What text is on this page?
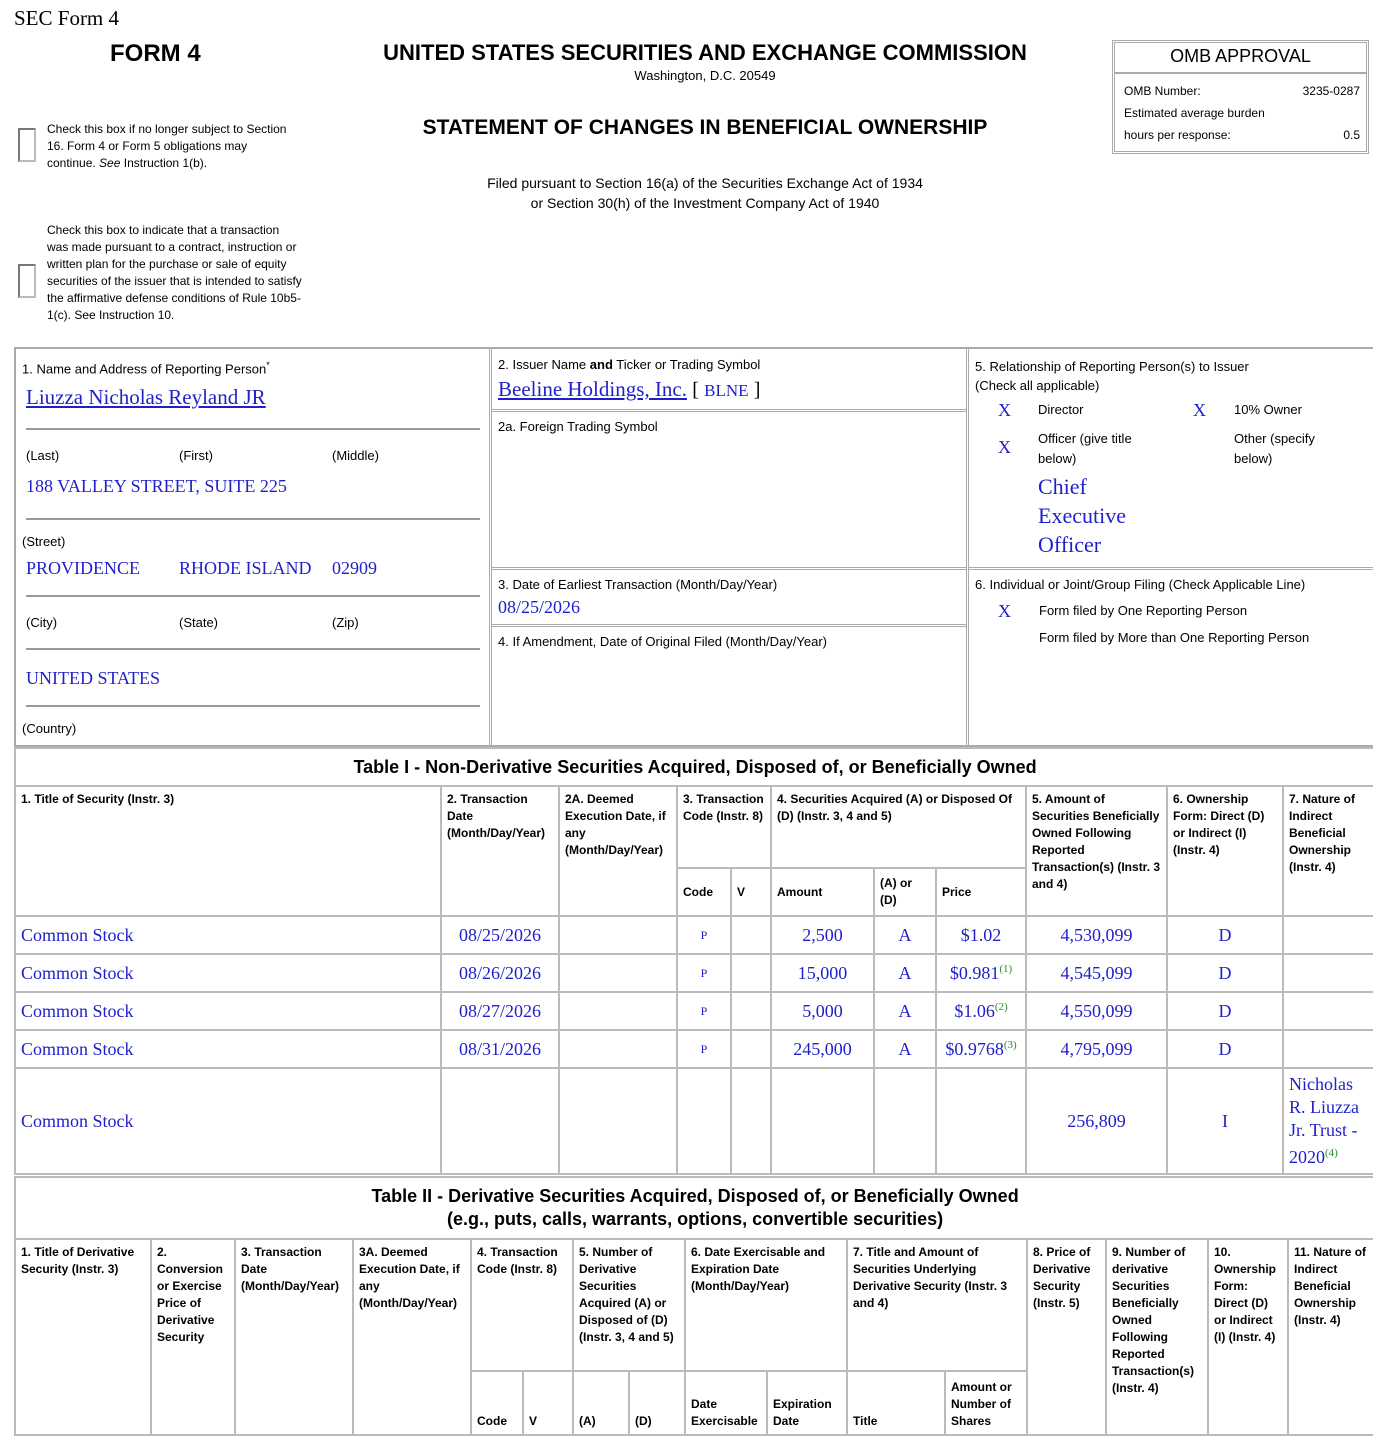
SEC Form 4
FORM 4	UNITED STATES SECURITIES AND EXCHANGE COMMISSION
Washington, D.C. 20549
STATEMENT OF CHANGES IN BENEFICIAL OWNERSHIP
Filed pursuant to Section 16(a) of the Securities Exchange Act of 1934
or Section 30(h) of the Investment Company Act of 1940
Check this box if no longer subject to Section 16. Form 4 or Form 5 obligations may continue. See Instruction 1(b).
Check this box to indicate that a transaction was made pursuant to a contract, instruction or written plan for the purchase or sale of equity securities of the issuer that is intended to satisfy the affirmative defense conditions of Rule 10b5-1(c). See Instruction 10.
OMB APPROVAL
OMB Number:	3235-0287
Estimated average burden
hours per response:	0.5
1. Name and Address of Reporting Person*
Liuzza Nicholas Reyland JR
(Last)	(First)	(Middle)
188 VALLEY STREET, SUITE 225
(Street)
PROVIDENCE RHODE ISLAND 02909
(City)	(State)	(Zip)
UNITED STATES
(Country)
2. Issuer Name and Ticker or Trading Symbol
Beeline Holdings, Inc. [ BLNE ]
2a. Foreign Trading Symbol
3. Date of Earliest Transaction (Month/Day/Year)
08/25/2026
4. If Amendment, Date of Original Filed (Month/Day/Year)
5. Relationship of Reporting Person(s) to Issuer
(Check all applicable)
X Director	X 10% Owner
X Officer (give title
below)
Other (specify
below)
Chief
Executive
Officer
6. Individual or Joint/Group Filing (Check Applicable Line)
X Form filed by One Reporting Person
Form filed by More than One Reporting Person
Table I - Non-Derivative Securities Acquired, Disposed of, or Beneficially Owned										
1. Title of Security (Instr. 3)	2. Transaction Date (Month/Day/Year)	2A. Deemed Execution Date, if any (Month/Day/Year)	3. Transaction Code (Instr. 8)		4. Securities Acquired (A) or Disposed Of (D) (Instr. 3, 4 and 5)			5. Amount of Securities Beneficially Owned Following Reported Transaction(s) (Instr. 3 and 4)	6. Ownership Form: Direct (D) or Indirect (I) (Instr. 4)	7. Nature of Indirect Beneficial Ownership (Instr. 4)
			Code	V	Amount	(A) or (D)	Price			
Common Stock	08/25/2026		P		2,500	A	$1.02	4,530,099	D	
Common Stock	08/26/2026		P		15,000	A	$0.981$^{(1)}$	4,545,099	D	
Common Stock	08/27/2026		P		5,000	A	$1.06$^{(2)}$	4,550,099	D	
Common Stock	08/31/2026		P		245,000	A	$0.9768$^{(3)}$	4,795,099	D	
Common Stock								256,809	I	Nicholas R. Liuzza Jr. Trust - 2020$^{(4)}$
Table II - Derivative Securities Acquired, Disposed of, or Beneficially Owned
(e.g., puts, calls, warrants, options, convertible securities)															

1. Title of Derivative Security (Instr. 3)	2. Conversion or Exercise Price of Derivative Security	3. Transaction Date (Month/Day/Year)	3A. Deemed Execution Date, if any (Month/Day/Year)	4. Transaction Code (Instr. 8)		5. Number of Derivative Securities Acquired (A) or Disposed of (D) (Instr. 3, 4 and 5)		6. Date Exercisable and Expiration Date (Month/Day/Year)		7. Title and Amount of Securities Underlying Derivative Security (Instr. 3 and 4)		8. Price of Derivative Security (Instr. 5)	9. Number of derivative Securities Beneficially Owned Following Reported Transaction(s) (Instr. 4)	10. Ownership Form: Direct (D) or Indirect (I) (Instr. 4)	11. Nature of Indirect Beneficial Ownership (Instr. 4)
				Code	V	(A)	(D)	Date Exercisable	Expiration Date	Title	Amount or Number of Shares				
